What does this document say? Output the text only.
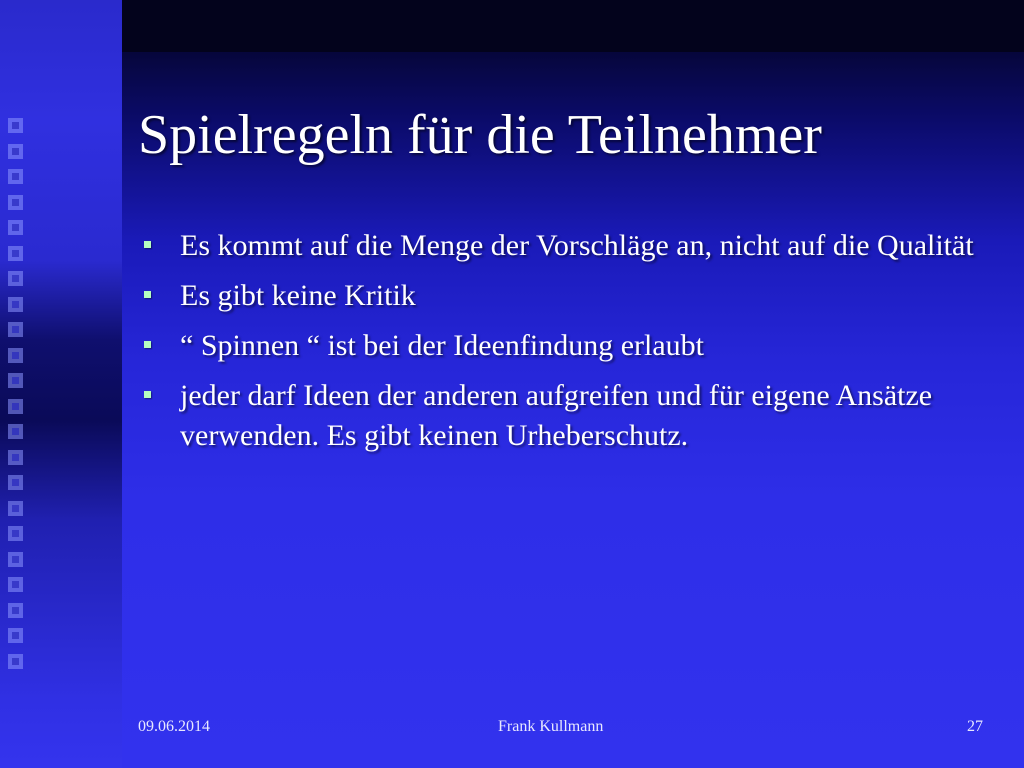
Spielregeln für die Teilnehmer
Es kommt auf die Menge der Vorschläge an, nicht auf die Qualität
Es gibt keine Kritik
“ Spinnen “ ist bei der Ideenfindung erlaubt
jeder darf Ideen der anderen aufgreifen und für eigene Ansätze verwenden. Es gibt keinen Urheberschutz.
09.06.2014	Frank Kullmann	27
